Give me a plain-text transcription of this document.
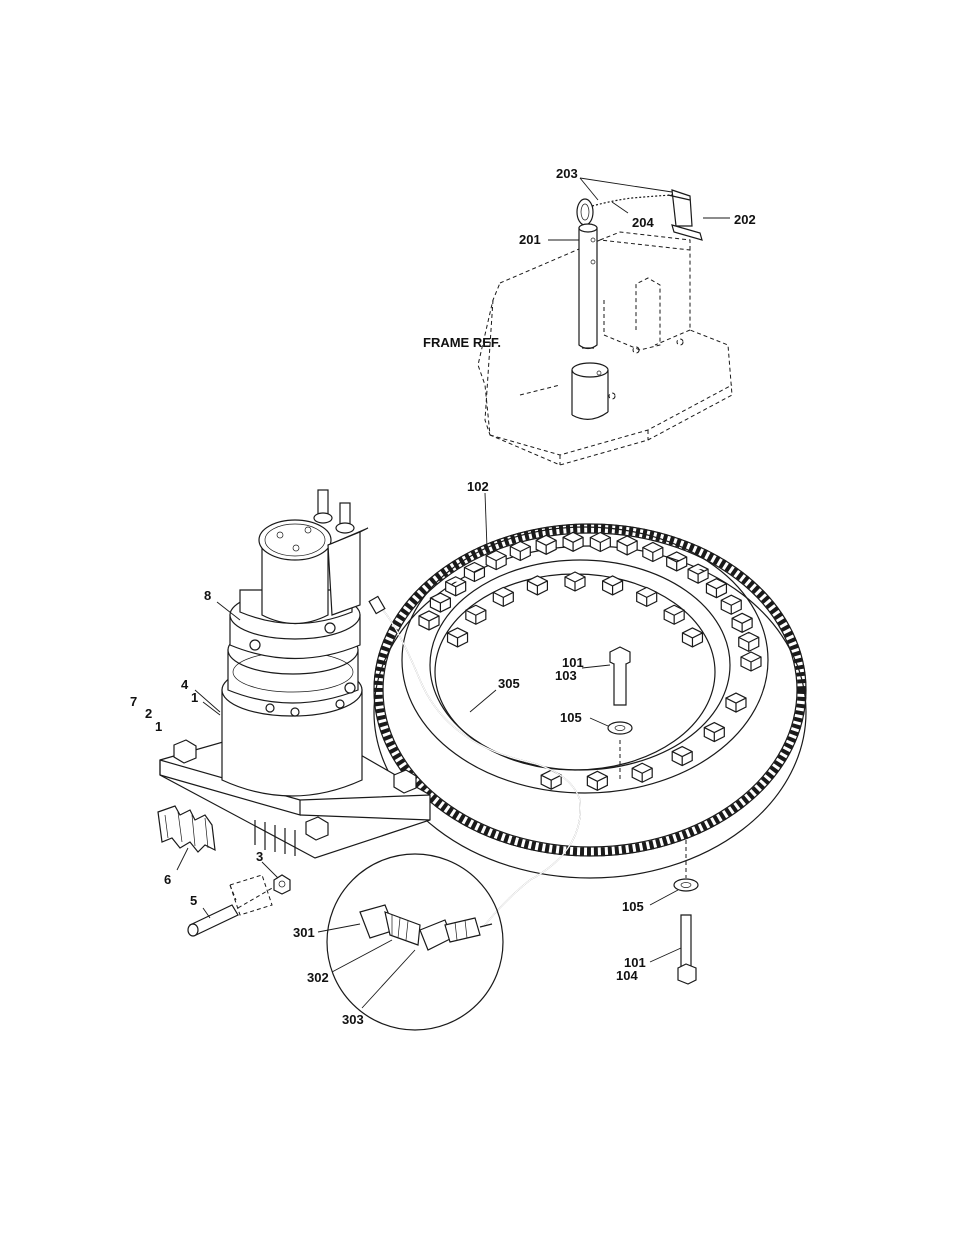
203
204	202
201
FRAME REF.
102
8
4
1
7
2
1
305
101
103
105
3
6
5
301
302
303
105
101
104
